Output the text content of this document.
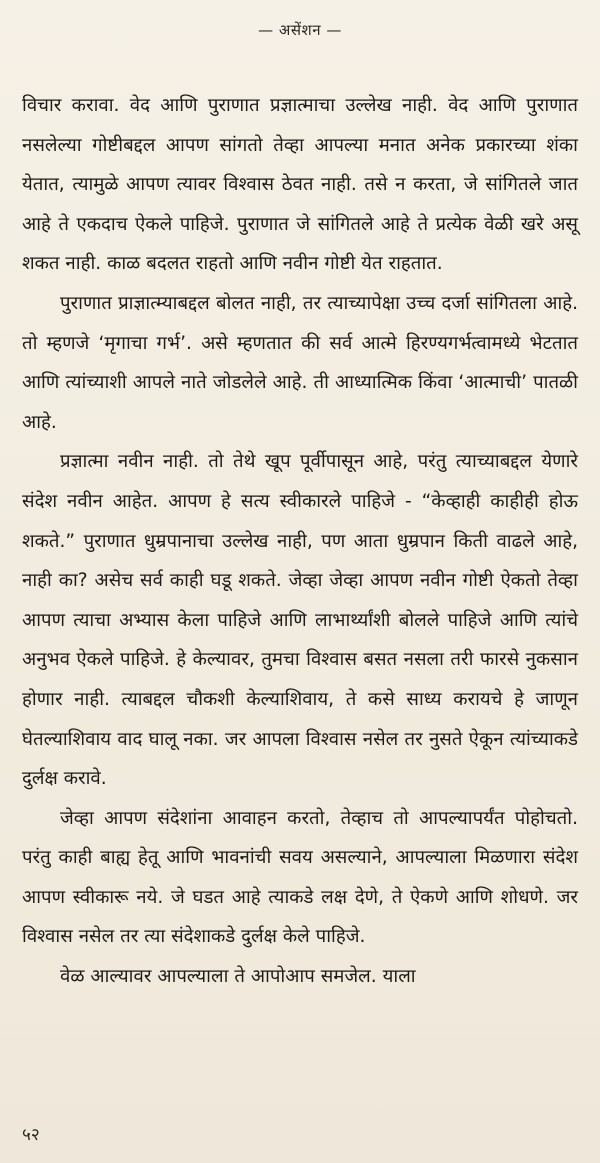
— असेंशन —

विचार करावा. वेद आणि पुराणात प्रज्ञात्माचा उल्लेख नाही. वेद आणि पुराणात नसलेल्या गोष्टीबद्दल आपण सांगतो तेव्हा आपल्या मनात अनेक प्रकारच्या शंका येतात, त्यामुळे आपण त्यावर विश्वास ठेवत नाही. तसे न करता, जे सांगितले जात आहे ते एकदाच ऐकले पाहिजे. पुराणात जे सांगितले आहे ते प्रत्येक वेळी खरे असू शकत नाही. काळ बदलत राहतो आणि नवीन गोष्टी येत राहतात.

पुराणात प्राज्ञात्म्याबद्दल बोलत नाही, तर त्याच्यापेक्षा उच्च दर्जा सांगितला आहे. तो म्हणजे ‘मृगाचा गर्भ’. असे म्हणतात की सर्व आत्मे हिरण्यगर्भत्वामध्ये भेटतात आणि त्यांच्याशी आपले नाते जोडलेले आहे. ती आध्यात्मिक किंवा ‘आत्माची’ पातळी आहे.

प्रज्ञात्मा नवीन नाही. तो तेथे खूप पूर्वीपासून आहे, परंतु त्याच्याबद्दल येणारे संदेश नवीन आहेत. आपण हे सत्य स्वीकारले पाहिजे - “केव्हाही काहीही होऊ शकते.” पुराणात धुम्रपानाचा उल्लेख नाही, पण आता धुम्रपान किती वाढले आहे, नाही का? असेच सर्व काही घडू शकते. जेव्हा जेव्हा आपण नवीन गोष्टी ऐकतो तेव्हा आपण त्याचा अभ्यास केला पाहिजे आणि लाभार्थ्यांशी बोलले पाहिजे आणि त्यांचे अनुभव ऐकले पाहिजे. हे केल्यावर, तुमचा विश्वास बसत नसला तरी फारसे नुकसान होणार नाही. त्याबद्दल चौकशी केल्याशिवाय, ते कसे साध्य करायचे हे जाणून घेतल्याशिवाय वाद घालू नका. जर आपला विश्वास नसेल तर नुसते ऐकून त्यांच्याकडे दुर्लक्ष करावे.

जेव्हा आपण संदेशांना आवाहन करतो, तेव्हाच तो आपल्यापर्यंत पोहोचतो. परंतु काही बाह्य हेतू आणि भावनांची सवय असल्याने, आपल्याला मिळणारा संदेश आपण स्वीकारू नये. जे घडत आहे त्याकडे लक्ष देणे, ते ऐकणे आणि शोधणे. जर विश्वास नसेल तर त्या संदेशाकडे दुर्लक्ष केले पाहिजे.

वेळ आल्यावर आपल्याला ते आपोआप समजेल. याला

५२
